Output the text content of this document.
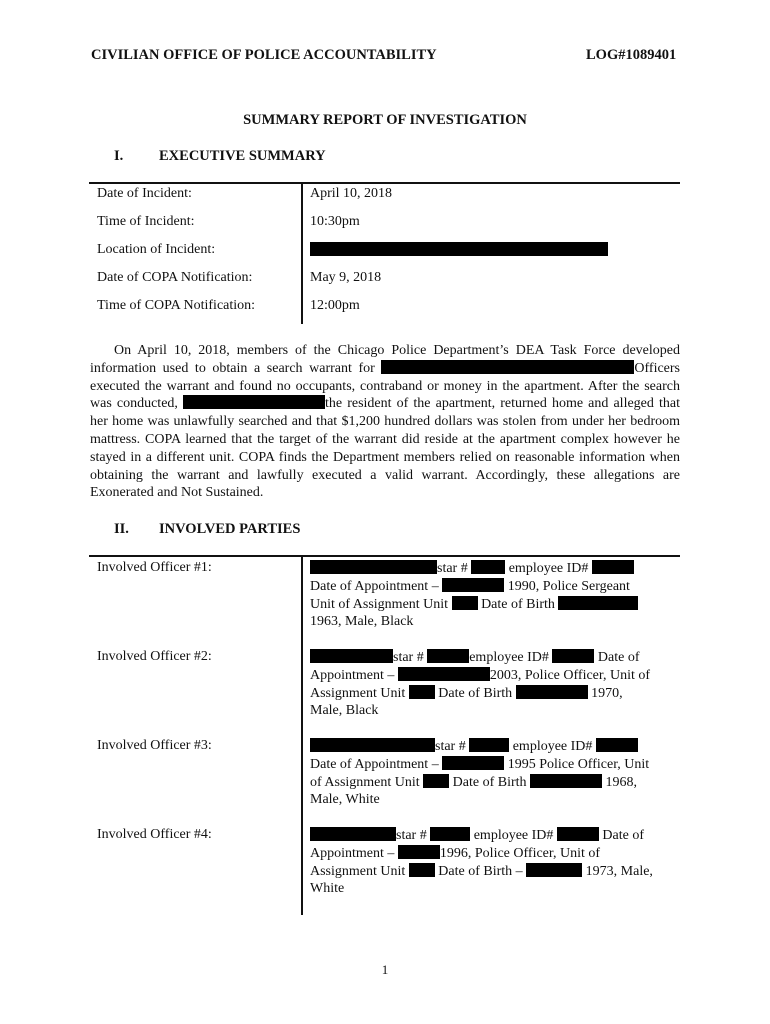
CIVILIAN OFFICE OF POLICE ACCOUNTABILITY	LOG#1089401
SUMMARY REPORT OF INVESTIGATION
I. EXECUTIVE SUMMARY
Date of Incident:	April 10, 2018
Time of Incident:	10:30pm
Location of Incident:
Date of COPA Notification:	May 9, 2018
Time of COPA Notification:	12:00pm
On April 10, 2018, members of the Chicago Police Department’s DEA Task Force developed information used to obtain a search warrant for	Officers executed the warrant and found no occupants, contraband or money in the apartment. After the search was conducted,	the resident of the apartment, returned home and alleged that her home was unlawfully searched and that $1,200 hundred dollars was stolen from under her bedroom mattress. COPA learned that the target of the warrant did reside at the apartment complex however he stayed in a different unit. COPA finds the Department members relied on reasonable information when obtaining the warrant and lawfully executed a valid warrant. Accordingly, these allegations are Exonerated and Not Sustained.
II. INVOLVED PARTIES
Involved Officer #1:	star #  employee ID#
Date of Appointment –	1990, Police Sergeant
Unit of Assignment Unit  Date of Birth
1963, Male, Black
Involved Officer #2:	star #	employee ID#	Date of
Appointment –	2003, Police Officer, Unit of
Assignment Unit  Date of Birth	1970,
Male, Black
Involved Officer #3:	star #	employee ID#
Date of Appointment –	1995 Police Officer, Unit
of Assignment Unit  Date of Birth	1968,
Male, White
Involved Officer #4:	star #	employee ID#	Date of
Appointment –	1996, Police Officer, Unit of
Assignment Unit  Date of Birth –	1973, Male,
White
1
